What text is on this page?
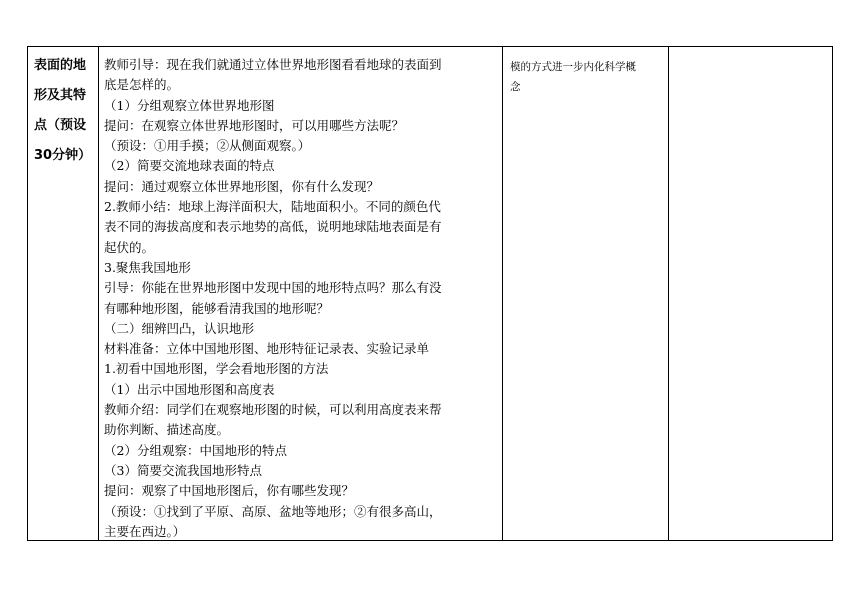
表面的地
形及其特
点（预设
30分钟）
教师引导：现在我们就通过立体世界地形图看看地球的表面到
底是怎样的。
（1）分组观察立体世界地形图
提问：在观察立体世界地形图时，可以用哪些方法呢？
（预设：①用手摸；②从侧面观察。）
（2）简要交流地球表面的特点
提问：通过观察立体世界地形图，你有什么发现？
2.教师小结：地球上海洋面积大，陆地面积小。不同的颜色代
表不同的海拔高度和表示地势的高低，说明地球陆地表面是有
起伏的。
3.聚焦我国地形
引导：你能在世界地形图中发现中国的地形特点吗？那么有没
有哪种地形图，能够看清我国的地形呢？
（二）细辨凹凸，认识地形
材料准备：立体中国地形图、地形特征记录表、实验记录单
1.初看中国地形图，学会看地形图的方法
（1）出示中国地形图和高度表
教师介绍：同学们在观察地形图的时候，可以利用高度表来帮
助你判断、描述高度。
（2）分组观察：中国地形的特点
（3）简要交流我国地形特点
提问：观察了中国地形图后，你有哪些发现？
（预设：①找到了平原、高原、盆地等地形；②有很多高山，
主要在西边。）
模的方式进一步内化科学概
念
